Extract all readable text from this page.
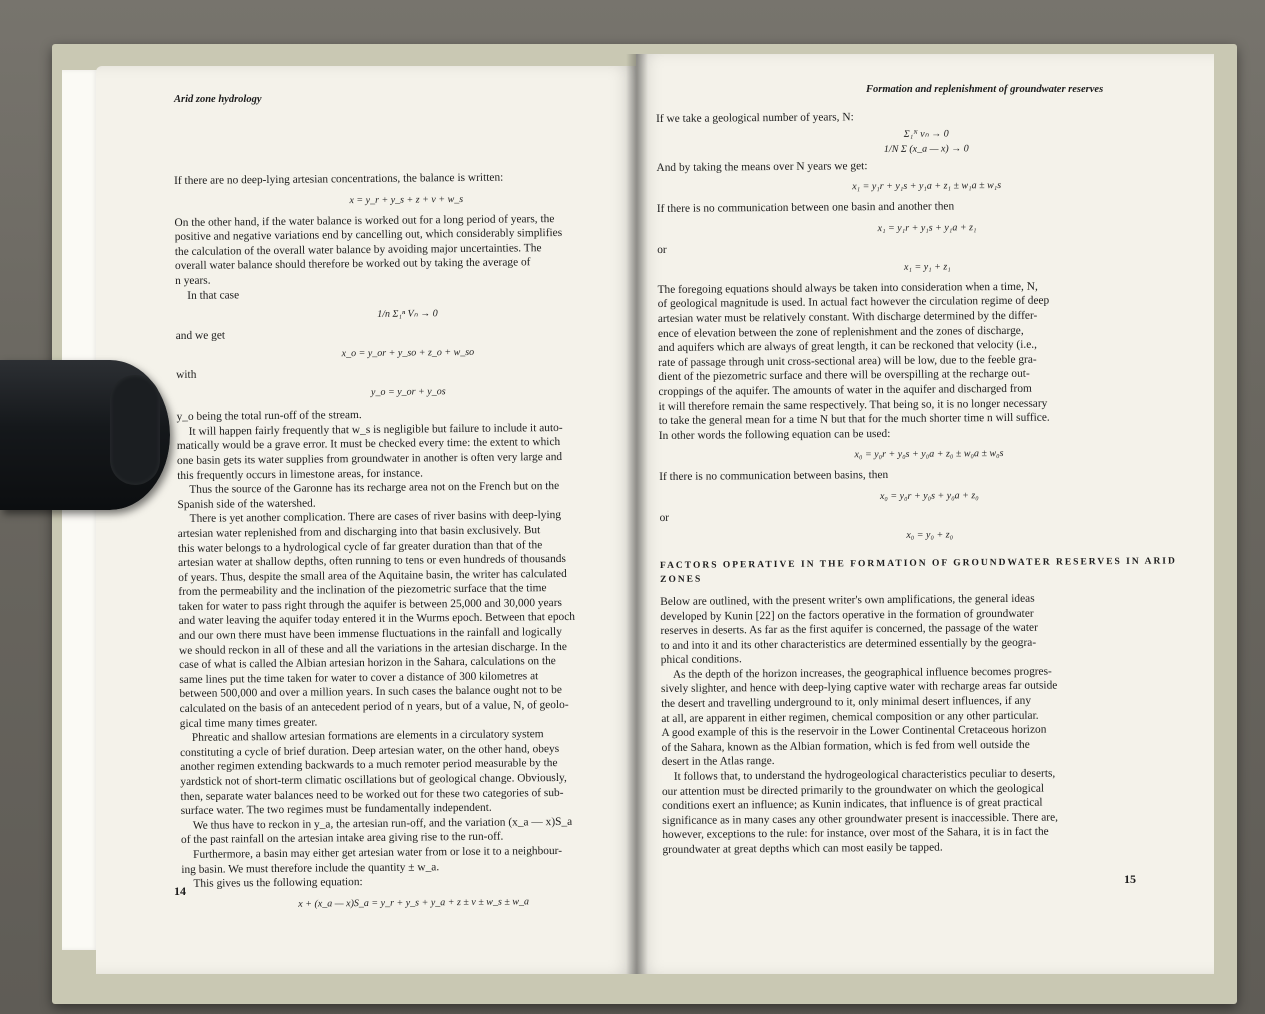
Arid zone hydrology

If there are no deep-lying artesian concentrations, the balance is written:

x = y_r + y_s + z + v + w_s

On the other hand, if the water balance is worked out for a long period of years, the

positive and negative variations end by cancelling out, which considerably simplifies

the calculation of the overall water balance by avoiding major uncertainties. The

overall water balance should therefore be worked out by taking the average of

n years.

In that case

1/n Σ₁ⁿ Vₙ → 0

and we get

x_o = y_or + y_so + z_o + w_so

with

y_o = y_or + y_os

y_o being the total run-off of the stream.

It will happen fairly frequently that w_s is negligible but failure to include it auto-

matically would be a grave error. It must be checked every time: the extent to which

one basin gets its water supplies from groundwater in another is often very large and

this frequently occurs in limestone areas, for instance.

Thus the source of the Garonne has its recharge area not on the French but on the

Spanish side of the watershed.

There is yet another complication. There are cases of river basins with deep-lying

artesian water replenished from and discharging into that basin exclusively. But

this water belongs to a hydrological cycle of far greater duration than that of the

artesian water at shallow depths, often running to tens or even hundreds of thousands

of years. Thus, despite the small area of the Aquitaine basin, the writer has calculated

from the permeability and the inclination of the piezometric surface that the time

taken for water to pass right through the aquifer is between 25,000 and 30,000 years

and water leaving the aquifer today entered it in the Wurms epoch. Between that epoch

and our own there must have been immense fluctuations in the rainfall and logically

we should reckon in all of these and all the variations in the artesian discharge. In the

case of what is called the Albian artesian horizon in the Sahara, calculations on the

same lines put the time taken for water to cover a distance of 300 kilometres at

between 500,000 and over a million years. In such cases the balance ought not to be

calculated on the basis of an antecedent period of n years, but of a value, N, of geolo-

gical time many times greater.

Phreatic and shallow artesian formations are elements in a circulatory system

constituting a cycle of brief duration. Deep artesian water, on the other hand, obeys

another regimen extending backwards to a much remoter period measurable by the

yardstick not of short-term climatic oscillations but of geological change. Obviously,

then, separate water balances need to be worked out for these two categories of sub-

surface water. The two regimes must be fundamentally independent.

We thus have to reckon in y_a, the artesian run-off, and the variation (x_a — x)S_a

of the past rainfall on the artesian intake area giving rise to the run-off.

Furthermore, a basin may either get artesian water from or lose it to a neighbour-

ing basin. We must therefore include the quantity ± w_a.

This gives us the following equation:

x + (x_a — x)S_a = y_r + y_s + y_a + z ± v ± w_s ± w_a

14
Formation and replenishment of groundwater reserves

If we take a geological number of years, N:

Σ₁ᴺ vₙ → 0

1/N Σ (x_a — x) → 0

And by taking the means over N years we get:

x₁ = y₁r + y₁s + y₁a + z₁ ± w₁a ± w₁s

If there is no communication between one basin and another then

x₁ = y₁r + y₁s + y₁a + z₁

or

x₁ = y₁ + z₁

The foregoing equations should always be taken into consideration when a time, N,

of geological magnitude is used. In actual fact however the circulation regime of deep

artesian water must be relatively constant. With discharge determined by the differ-

ence of elevation between the zone of replenishment and the zones of discharge,

and aquifers which are always of great length, it can be reckoned that velocity (i.e.,

rate of passage through unit cross-sectional area) will be low, due to the feeble gra-

dient of the piezometric surface and there will be overspilling at the recharge out-

croppings of the aquifer. The amounts of water in the aquifer and discharged from

it will therefore remain the same respectively. That being so, it is no longer necessary

to take the general mean for a time N but that for the much shorter time n will suffice.

In other words the following equation can be used:

x₀ = y₀r + y₀s + y₀a + z₀ ± w₀a ± w₀s

If there is no communication between basins, then

x₀ = y₀r + y₀s + y₀a + z₀

or

x₀ = y₀ + z₀

FACTORS OPERATIVE IN THE FORMATION OF GROUNDWATER RESERVES IN ARID ZONES

Below are outlined, with the present writer's own amplifications, the general ideas

developed by Kunin [22] on the factors operative in the formation of groundwater

reserves in deserts. As far as the first aquifer is concerned, the passage of the water

to and into it and its other characteristics are determined essentially by the geogra-

phical conditions.

As the depth of the horizon increases, the geographical influence becomes progres-

sively slighter, and hence with deep-lying captive water with recharge areas far outside

the desert and travelling underground to it, only minimal desert influences, if any

at all, are apparent in either regimen, chemical composition or any other particular.

A good example of this is the reservoir in the Lower Continental Cretaceous horizon

of the Sahara, known as the Albian formation, which is fed from well outside the

desert in the Atlas range.

It follows that, to understand the hydrogeological characteristics peculiar to deserts,

our attention must be directed primarily to the groundwater on which the geological

conditions exert an influence; as Kunin indicates, that influence is of great practical

significance as in many cases any other groundwater present is inaccessible. There are,

however, exceptions to the rule: for instance, over most of the Sahara, it is in fact the

groundwater at great depths which can most easily be tapped.

15
